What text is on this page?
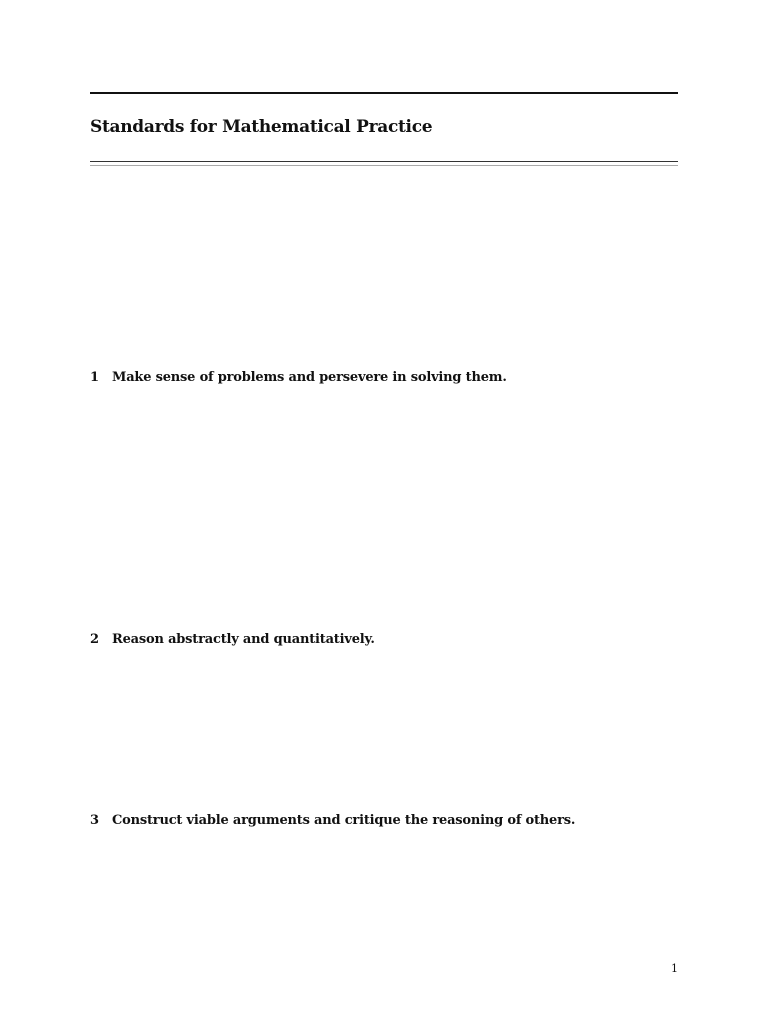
Standards for Mathematical Practice
1 Make sense of problems and persevere in solving them.
2 Reason abstractly and quantitatively.
3 Construct viable arguments and critique the reasoning of others.
1
